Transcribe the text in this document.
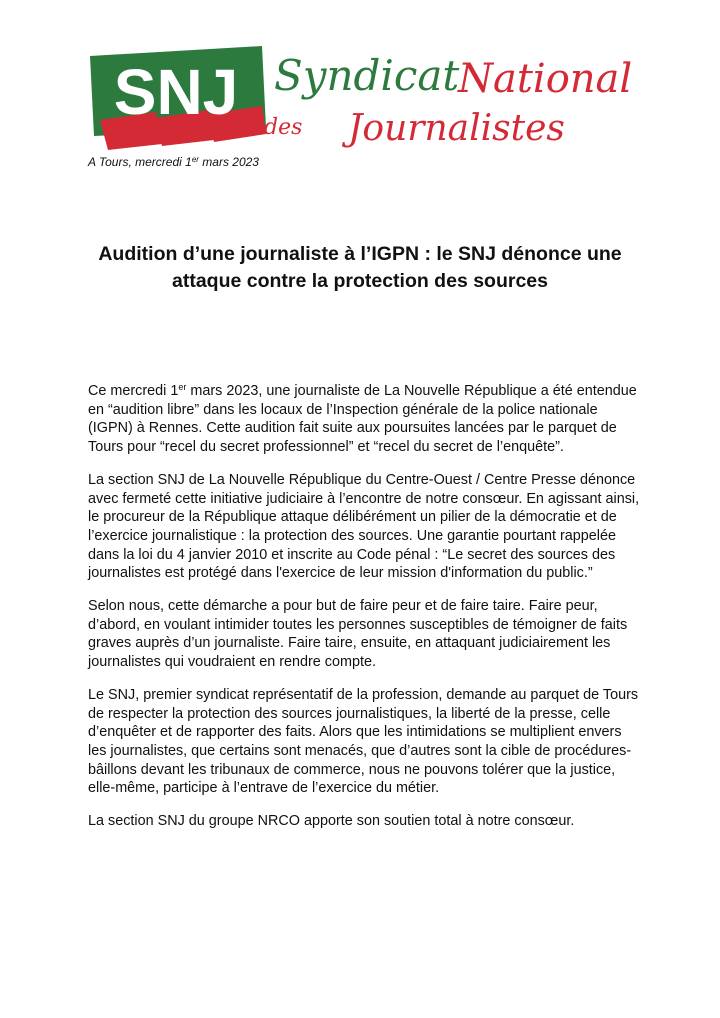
SNJ des
Syndicat
National
Journalistes
A Tours, mercredi 1er mars 2023
Audition d’une journaliste à l’IGPN : le SNJ dénonce une attaque contre la protection des sources

Ce mercredi 1er mars 2023, une journaliste de La Nouvelle République a été entendue en “audition libre” dans les locaux de l’Inspection générale de la police nationale (IGPN) à Rennes. Cette audition fait suite aux poursuites lancées par le parquet de Tours pour “recel du secret professionnel” et “recel du secret de l’enquête”.

La section SNJ de La Nouvelle République du Centre-Ouest / Centre Presse dénonce avec fermeté cette initiative judiciaire à l’encontre de notre consœur. En agissant ainsi, le procureur de la République attaque délibérément un pilier de la démocratie et de l’exercice journalistique : la protection des sources. Une garantie pourtant rappelée dans la loi du 4 janvier 2010 et inscrite au Code pénal : “Le secret des sources des journalistes est protégé dans l'exercice de leur mission d'information du public.”

Selon nous, cette démarche a pour but de faire peur et de faire taire. Faire peur, d’abord, en voulant intimider toutes les personnes susceptibles de témoigner de faits graves auprès d’un journaliste. Faire taire, ensuite, en attaquant judiciairement les journalistes qui voudraient en rendre compte.

Le SNJ, premier syndicat représentatif de la profession, demande au parquet de Tours de respecter la protection des sources journalistiques, la liberté de la presse, celle d’enquêter et de rapporter des faits. Alors que les intimidations se multiplient envers les journalistes, que certains sont menacés, que d’autres sont la cible de procédures-bâillons devant les tribunaux de commerce, nous ne pouvons tolérer que la justice, elle-même, participe à l’entrave de l’exercice du métier.

La section SNJ du groupe NRCO apporte son soutien total à notre consœur.
